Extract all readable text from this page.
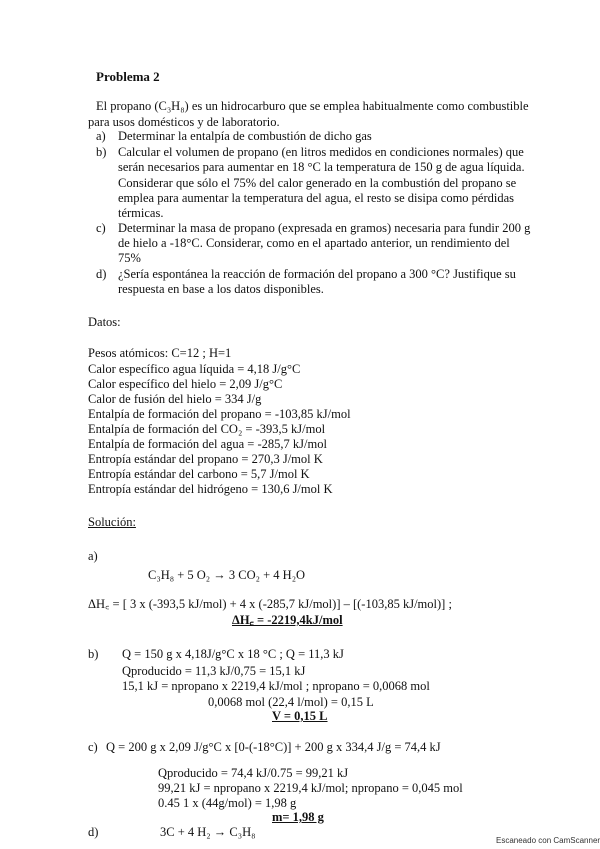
Problema 2
El propano (C₃H₈) es un hidrocarburo que se emplea habitualmente como combustible
para usos domésticos y de laboratorio.
a) Determinar la entalpía de combustión de dicho gas
b) Calcular el volumen de propano (en litros medidos en condiciones normales) que
serán necesarios para aumentar en 18 °C la temperatura de 150 g de agua líquida.
Considerar que sólo el 75% del calor generado en la combustión del propano se
emplea para aumentar la temperatura del agua, el resto se disipa como pérdidas
térmicas.
c) Determinar la masa de propano (expresada en gramos) necesaria para fundir 200 g
de hielo a -18°C. Considerar, como en el apartado anterior, un rendimiento del
75%
d) ¿Sería espontánea la reacción de formación del propano a 300 °C? Justifique su
respuesta en base a los datos disponibles.
Datos:
Pesos atómicos: C=12 ; H=1
Calor específico agua líquida = 4,18 J/g°C
Calor específico del hielo = 2,09 J/g°C
Calor de fusión del hielo = 334 J/g
Entalpía de formación del propano = -103,85 kJ/mol
Entalpía de formación del CO₂ = -393,5 kJ/mol
Entalpía de formación del agua = -285,7 kJ/mol
Entropía estándar del propano = 270,3 J/mol K
Entropía estándar del carbono = 5,7 J/mol K
Entropía estándar del hidrógeno = 130,6 J/mol K
Solución:
a)
C₃H₈ + 5 O₂ → 3 CO₂ + 4 H₂O
ΔH꜀ = [ 3 x (-393,5 kJ/mol) + 4 x (-285,7 kJ/mol)] – [(-103,85 kJ/mol)] ;
ΔH꜀ = -2219,4kJ/mol
b) Q = 150 g x 4,18J/g°C x 18 °C ; Q = 11,3 kJ
Qproducido = 11,3 kJ/0,75 = 15,1 kJ
15,1 kJ = npropano x 2219,4 kJ/mol ; npropano = 0,0068 mol
0,0068 mol (22,4 l/mol) = 0,15 L
V = 0,15 L
c) Q = 200 g x 2,09 J/g°C x [0-(-18°C)] + 200 g x 334,4 J/g = 74,4 kJ
Qproducido = 74,4 kJ/0.75 = 99,21 kJ
99,21 kJ = npropano x 2219,4 kJ/mol; npropano = 0,045 mol
0.45 1 x (44g/mol) = 1,98 g
m= 1,98 g
d)	3C + 4 H₂ → C₃H₈
Escaneado con CamScanner
